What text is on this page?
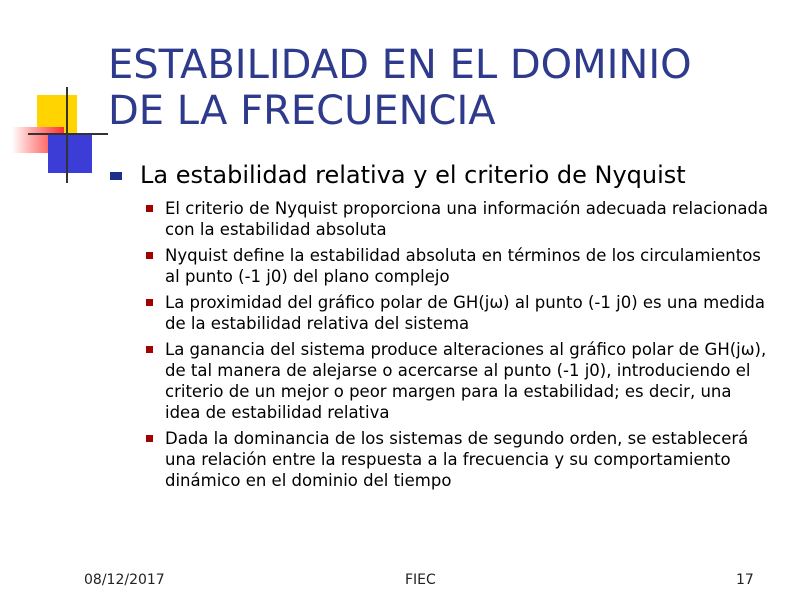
ESTABILIDAD EN EL DOMINIO
DE LA FRECUENCIA
La estabilidad relativa y el criterio de Nyquist
El criterio de Nyquist proporciona una información adecuada relacionada con la estabilidad absoluta
Nyquist define la estabilidad absoluta en términos de los circulamientos al punto (-1 j0) del plano complejo
La proximidad del gráfico polar de GH(jω) al punto (-1 j0) es una medida de la estabilidad relativa del sistema
La ganancia del sistema produce alteraciones al gráfico polar de GH(jω), de tal manera de alejarse o acercarse al punto (-1 j0), introduciendo el criterio de un mejor o peor margen para la estabilidad; es decir, una idea de estabilidad relativa
Dada la dominancia de los sistemas de segundo orden, se establecerá una relación entre la respuesta a la frecuencia y su comportamiento dinámico en el dominio del tiempo
08/12/2017	FIEC	17
